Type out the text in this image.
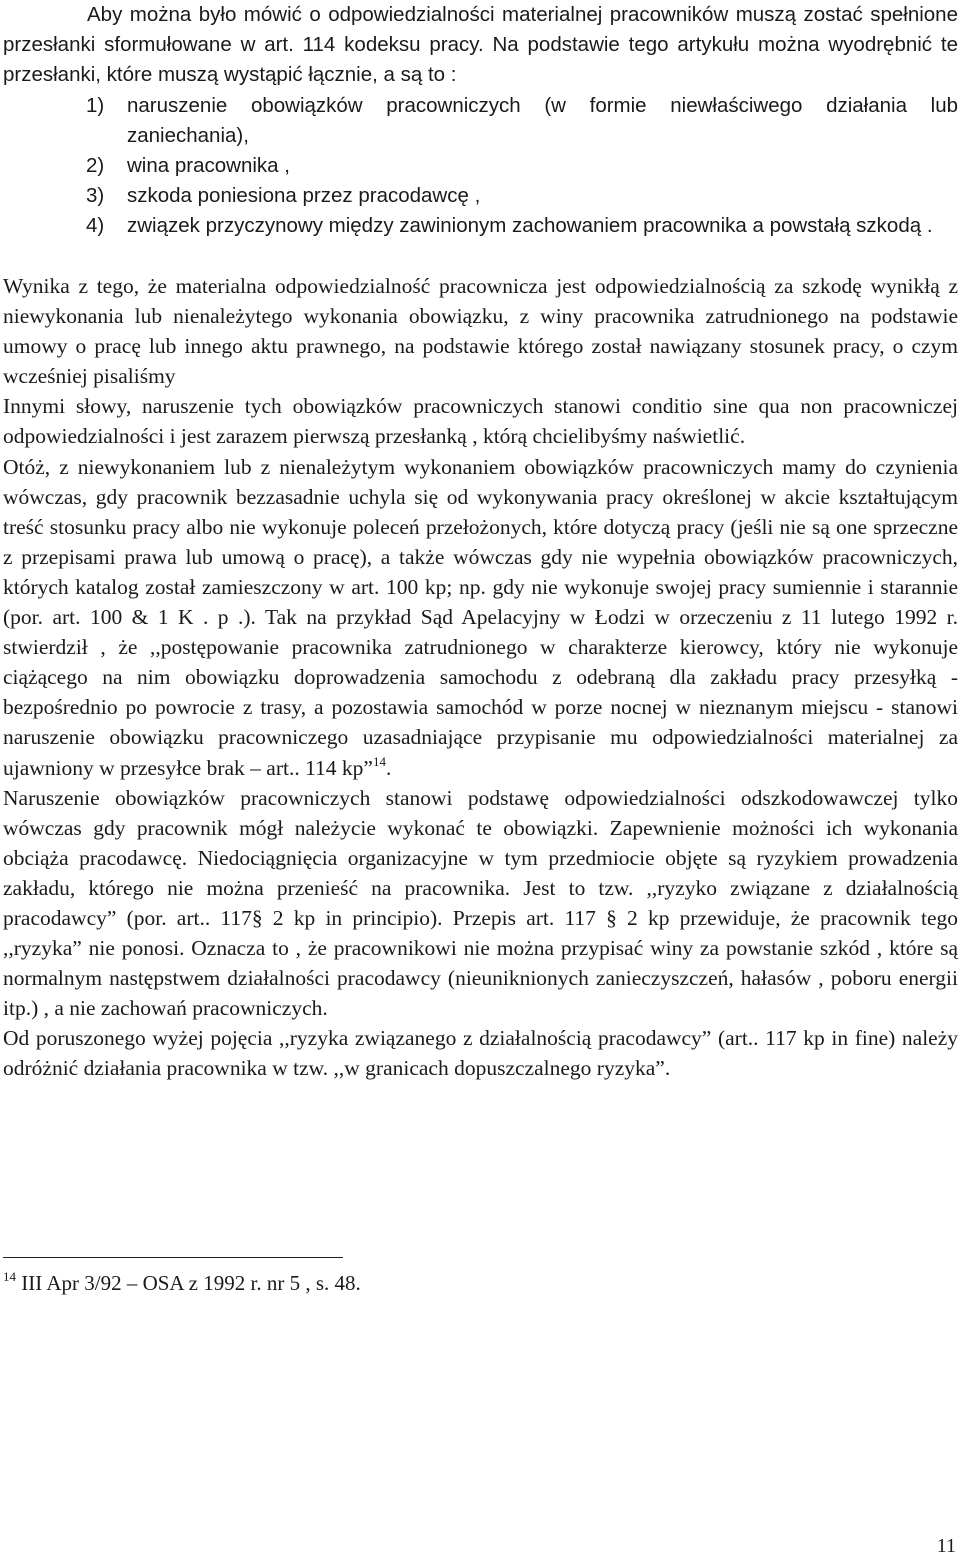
Aby można było mówić o odpowiedzialności materialnej pracowników muszą zostać spełnione przesłanki sformułowane w art. 114 kodeksu pracy. Na podstawie tego artykułu można wyodrębnić te przesłanki, które muszą wystąpić łącznie, a są to :
1) naruszenie obowiązków pracowniczych (w formie niewłaściwego działania lub zaniechania),
2) wina pracownika ,
3) szkoda poniesiona przez pracodawcę ,
4) związek przyczynowy między zawinionym zachowaniem pracownika a powstałą szkodą .

Wynika z tego, że materialna odpowiedzialność pracownicza jest odpowiedzialnością za szkodę wynikłą z niewykonania lub nienależytego wykonania obowiązku, z winy pracownika zatrudnionego na podstawie umowy o pracę lub innego aktu prawnego, na podstawie którego został nawiązany stosunek pracy, o czym wcześniej pisaliśmy

Innymi słowy, naruszenie tych obowiązków pracowniczych stanowi conditio sine qua non pracowniczej odpowiedzialności i jest zarazem pierwszą przesłanką , którą chcielibyśmy naświetlić.

Otóż, z niewykonaniem lub z nienależytym wykonaniem obowiązków pracowniczych mamy do czynienia wówczas, gdy pracownik bezzasadnie uchyla się od wykonywania pracy określonej w akcie kształtującym treść stosunku pracy albo nie wykonuje poleceń przełożonych, które dotyczą pracy (jeśli nie są one sprzeczne z przepisami prawa lub umową o pracę), a także wówczas gdy nie wypełnia obowiązków pracowniczych, których katalog został zamieszczony w art. 100 kp; np. gdy nie wykonuje swojej pracy sumiennie i starannie (por. art. 100 & 1 K . p .). Tak na przykład Sąd Apelacyjny w Łodzi w orzeczeniu z 11 lutego 1992 r. stwierdził , że ,,postępowanie pracownika zatrudnionego w charakterze kierowcy, który nie wykonuje ciążącego na nim obowiązku doprowadzenia samochodu z odebraną dla zakładu pracy przesyłką - bezpośrednio po powrocie z trasy, a pozostawia samochód w porze nocnej w nieznanym miejscu - stanowi naruszenie obowiązku pracowniczego uzasadniające przypisanie mu odpowiedzialności materialnej za ujawniony w przesyłce brak – art.. 114 kp”$^{14}$.

Naruszenie obowiązków pracowniczych stanowi podstawę odpowiedzialności odszkodowawczej tylko wówczas gdy pracownik mógł należycie wykonać te obowiązki. Zapewnienie możności ich wykonania obciąża pracodawcę. Niedociągnięcia organizacyjne w tym przedmiocie objęte są ryzykiem prowadzenia zakładu, którego nie można przenieść na pracownika. Jest to tzw. ,,ryzyko związane z działalnością pracodawcy” (por. art.. 117§ 2 kp in principio). Przepis art. 117 § 2 kp przewiduje, że pracownik tego ,,ryzyka” nie ponosi. Oznacza to , że pracownikowi nie można przypisać winy za powstanie szkód , które są normalnym następstwem działalności pracodawcy (nieuniknionych zanieczyszczeń, hałasów , poboru energii itp.) , a nie zachowań pracowniczych.

Od poruszonego wyżej pojęcia ,,ryzyka związanego z działalnością pracodawcy” (art.. 117 kp in fine) należy odróżnić działania pracownika w tzw. ,,w granicach dopuszczalnego ryzyka”.

$^{14}$ III Apr 3/92 – OSA z 1992 r. nr 5 , s. 48.
11
